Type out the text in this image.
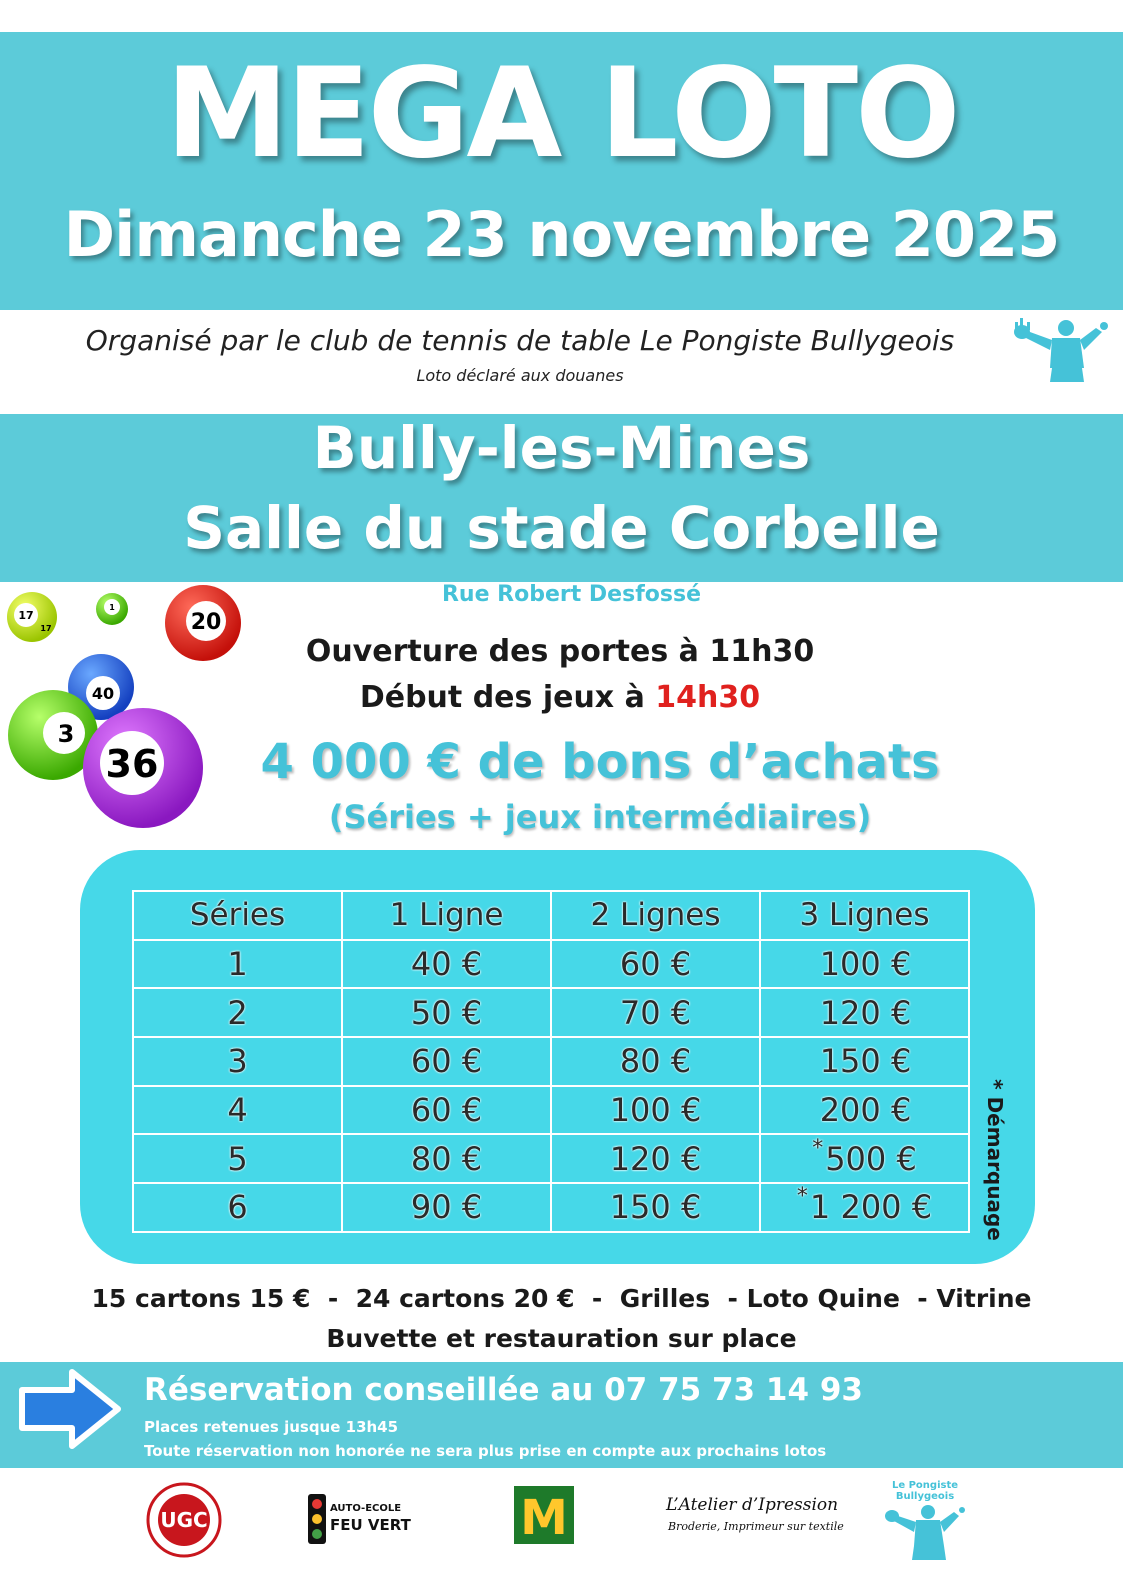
MEGA LOTO
Dimanche 23 novembre 2025
Organisé par le club de tennis de table Le Pongiste Bullygeois
Loto déclaré aux douanes
Bully-les-Mines
Salle du stade Corbelle
Rue Robert Desfossé
17
17
1
20
40
3
36
Ouverture des portes à 11h30
Début des jeux à 14h30
4 000 € de bons d’achats
(Séries + jeux intermédiaires)
Séries	1 Ligne	2 Lignes	3 Lignes
1	40 €	60 €	100 €
2	50 €	70 €	120 €
3	60 €	80 €	150 €
4	60 €	100 €	200 €
5	80 €	120 €	*500 €
6	90 €	150 €	*1 200 €	* Démarquage
15 cartons 15 €  -  24 cartons 20 €  -  Grilles  - Loto Quine  - Vitrine
Buvette et restauration sur place
Réservation conseillée au 07 75 73 14 93
Places retenues jusque 13h45
Toute réservation non honorée ne sera plus prise en compte aux prochains lotos
UGC	AUTO-ECOLE
FEU VERT M	L’Atelier d’Ipression
Broderie, Imprimeur sur textile
Le Pongiste Bullygeois
